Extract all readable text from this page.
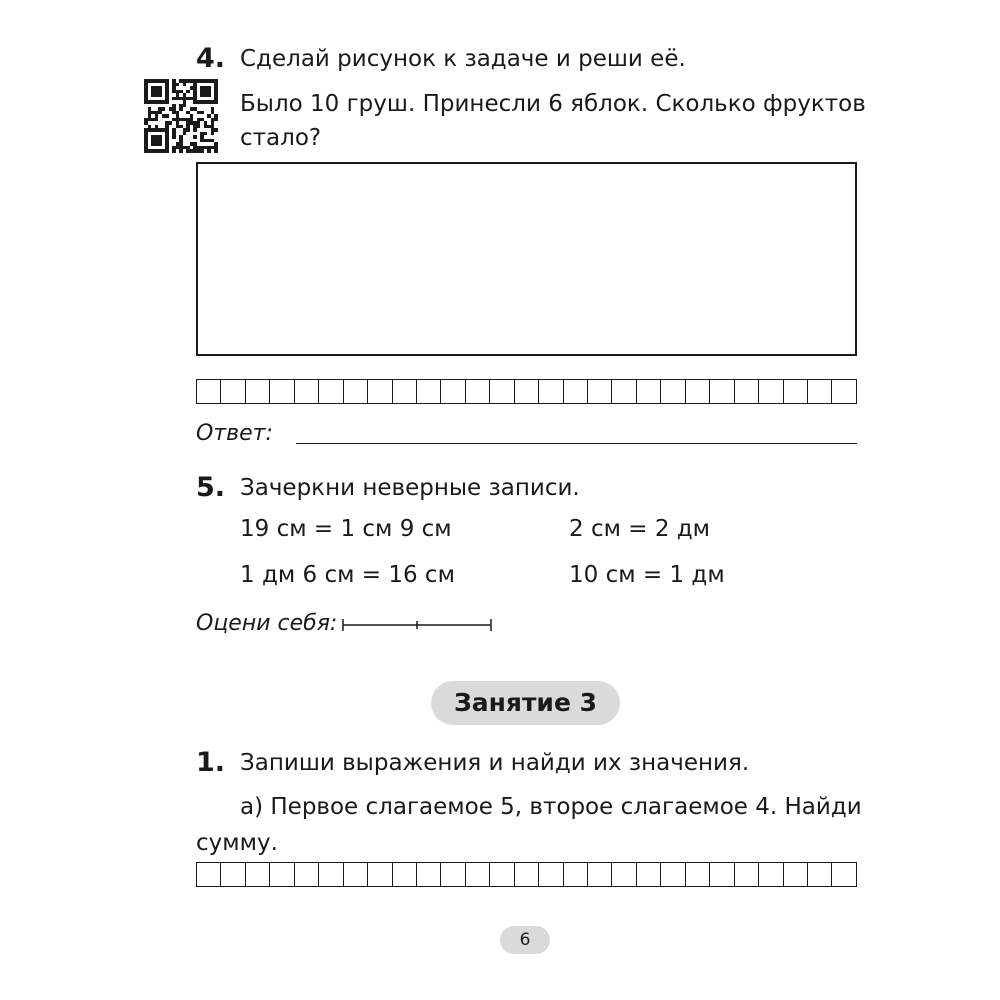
4. Сделай рисунок к задаче и реши её.
Было 10 груш. Принесли 6 яблок. Сколько фруктов
стало?
Ответ:
5. Зачеркни неверные записи.
19 см = 1 см 9 см	2 см = 2 дм
1 дм 6 см = 16 см	10 см = 1 дм
Оцени себя:
Занятие 3
1. Запиши выражения и найди их значения.
а) Первое слагаемое 5, второе слагаемое 4. Найди
сумму.
6
